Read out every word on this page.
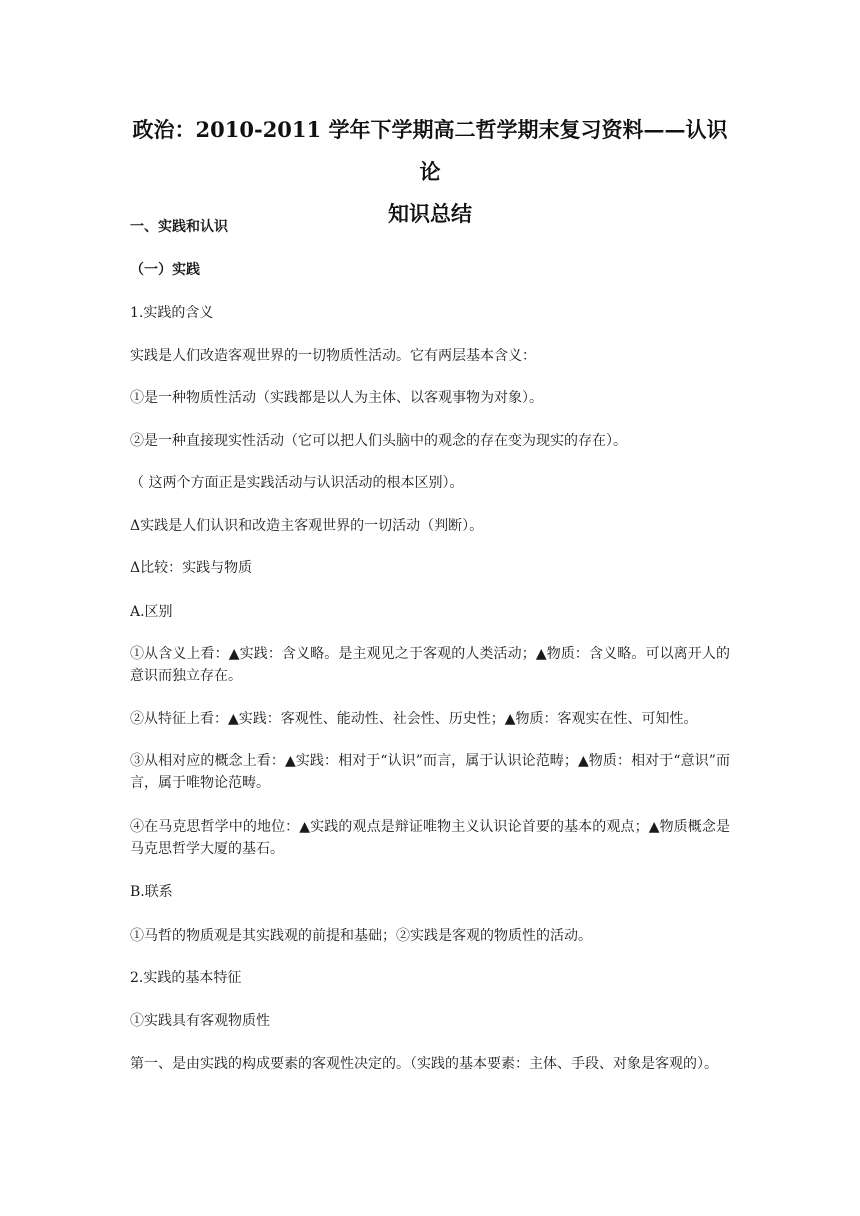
政治：2010-2011 学年下学期高二哲学期末复习资料——认识论
知识总结

一、实践和认识

（一）实践

1.实践的含义

实践是人们改造客观世界的一切物质性活动。它有两层基本含义：

①是一种物质性活动（实践都是以人为主体、以客观事物为对象）。

②是一种直接现实性活动（它可以把人们头脑中的观念的存在变为现实的存在）。

（ 这两个方面正是实践活动与认识活动的根本区别）。

Δ实践是人们认识和改造主客观世界的一切活动（判断）。

Δ比较：实践与物质

A.区别

①从含义上看：▲实践：含义略。是主观见之于客观的人类活动；▲物质：含义略。可以离开人的意识而独立存在。

②从特征上看：▲实践：客观性、能动性、社会性、历史性；▲物质：客观实在性、可知性。

③从相对应的概念上看：▲实践：相对于“认识”而言，属于认识论范畴；▲物质：相对于“意识”而言，属于唯物论范畴。

④在马克思哲学中的地位：▲实践的观点是辩证唯物主义认识论首要的基本的观点；▲物质概念是马克思哲学大厦的基石。

B.联系

①马哲的物质观是其实践观的前提和基础；②实践是客观的物质性的活动。

2.实践的基本特征

①实践具有客观物质性

第一、是由实践的构成要素的客观性决定的。（实践的基本要素：主体、手段、对象是客观的）。
